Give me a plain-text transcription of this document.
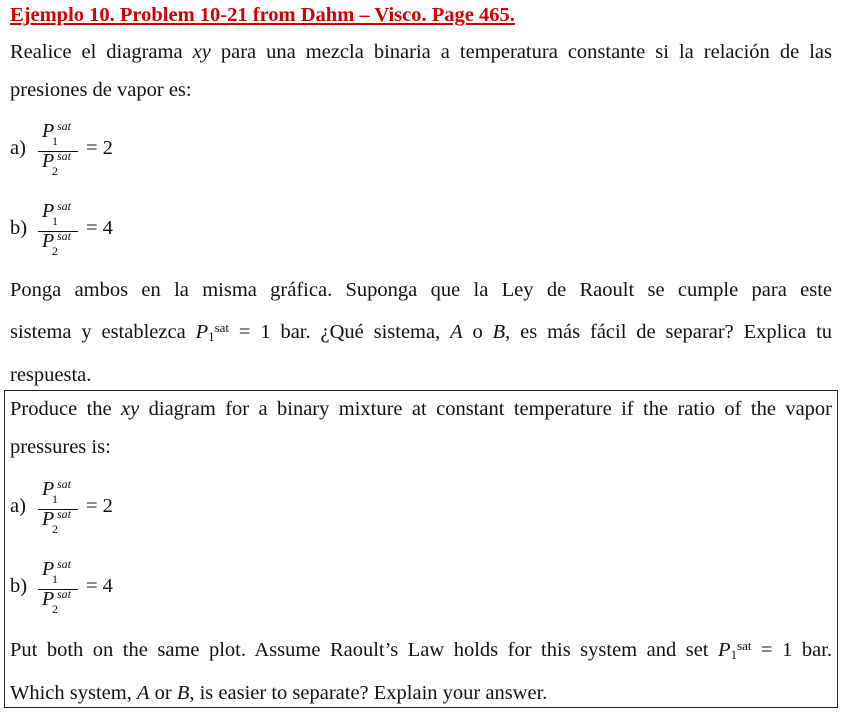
Ejemplo 10. Problem 10-21 from Dahm – Visco. Page 465.
Realice el diagrama xy para una mezcla binaria a temperatura constante si la relación de las
presiones de vapor es:
a)
P sat
1
P sat
2
= 2
b)
P sat
1
P sat
2
= 4
Ponga ambos en la misma gráfica. Suponga que la Ley de Raoult se cumple para este
sistema y establezca $P1^{sat} = 1$ bar. ¿Qué sistema, A o B, es más fácil de separar? Explica tu
respuesta.
Produce the xy diagram for a binary mixture at constant temperature if the ratio of the vapor
pressures is:
a)
P sat
1
P sat
2
= 2
b)
P sat
1
P sat
2
= 4
Put both on the same plot. Assume Raoult’s Law holds for this system and set $P1^{sat} = 1$ bar.
Which system, A or B, is easier to separate? Explain your answer.
